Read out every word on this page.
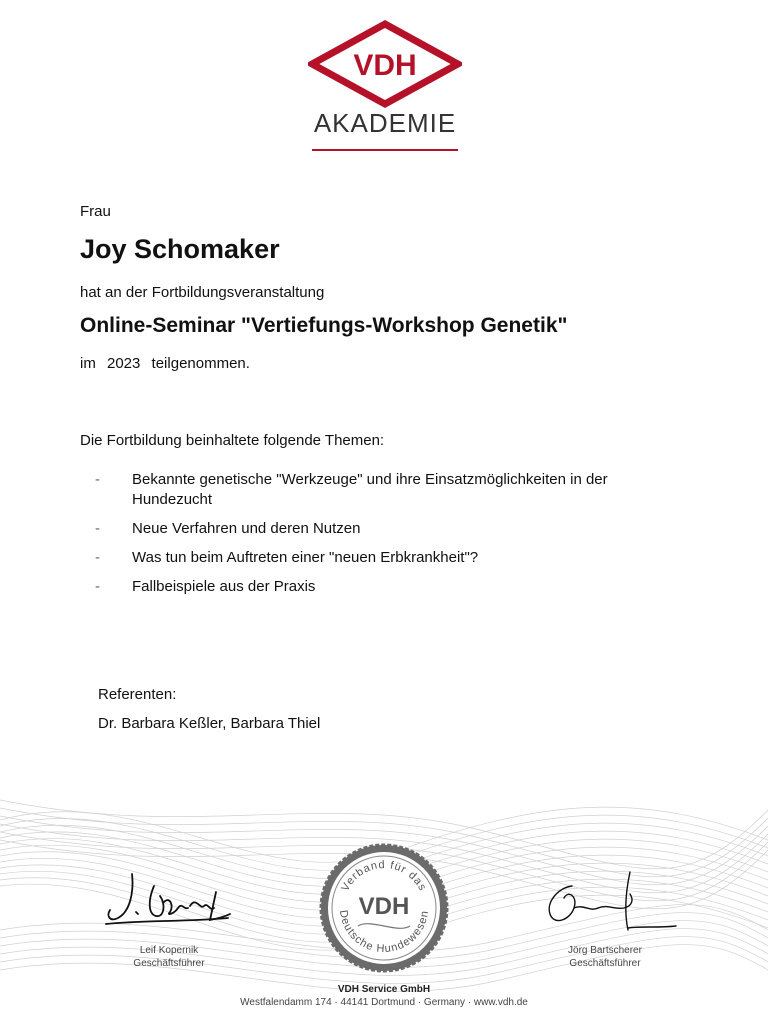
VDH
AKADEMIE
Frau
Joy Schomaker
hat an der Fortbildungsveranstaltung
Online-Seminar "Vertiefungs-Workshop Genetik"
im 2023 teilgenommen.
Die Fortbildung beinhaltete folgende Themen:
-	Bekannte genetische "Werkzeuge" und ihre Einsatzmöglichkeiten in der Hundezucht
-	Neue Verfahren und deren Nutzen
-	Was tun beim Auftreten einer "neuen Erbkrankheit"?
-	Fallbeispiele aus der Praxis
Referenten:
Dr. Barbara Keßler, Barbara Thiel
Verband für das
VDH
Deutsche Hundewesen
Leif Kopernik
Geschäftsführer
Jörg Bartscherer
Geschäftsführer
VDH Service GmbH
Westfalendamm 174 · 44141 Dortmund · Germany · www.vdh.de
